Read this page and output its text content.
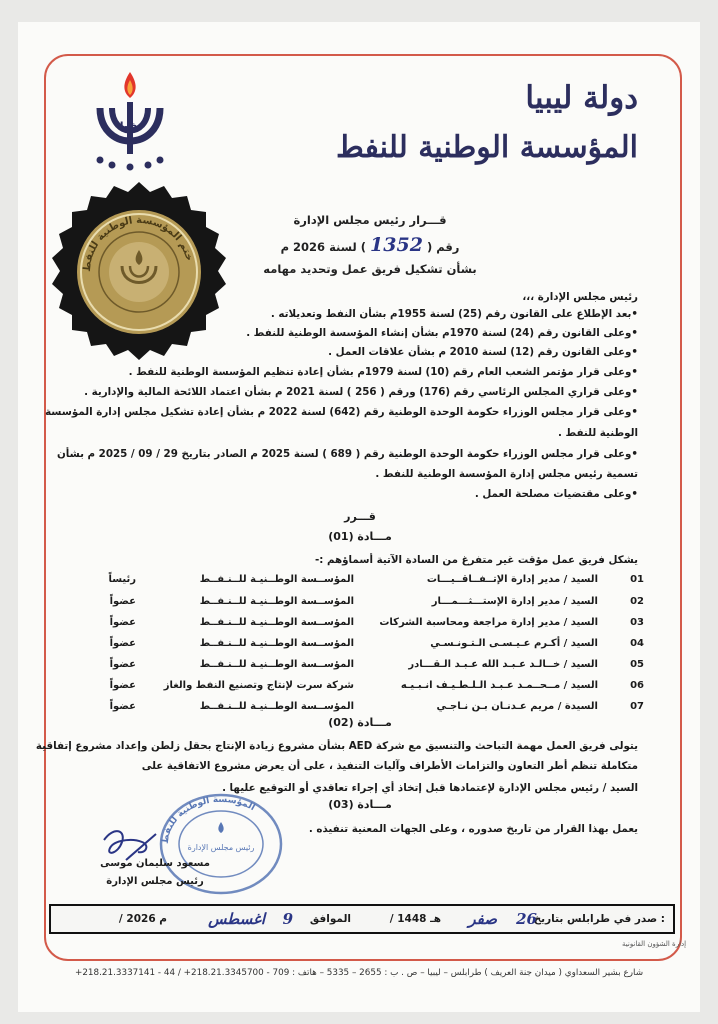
نفط
دولة ليبيا
المؤسسة الوطنية للنفط
ختم المؤسسة الوطنية للنفط
قـــرار رئيس مجلس الإدارة
رقم ( 1352 ) لسنة 2026 م
بشأن تشكيل فريق عمل وتحديد مهامه
رئيس مجلس الإدارة ،،،
•بعد الإطلاع على القانون رقم (25) لسنة 1955م بشأن النفط وتعديلاته .
•وعلى القانون رقم (24) لسنة 1970م بشأن إنشاء المؤسسة الوطنية للنفط .
•وعلى القانون رقم (12) لسنة 2010 م بشأن علاقات العمل .
•وعلى قرار مؤتمر الشعب العام رقم (10) لسنة 1979م بشأن إعادة تنظيم المؤسسة الوطنية للنفط .
•وعلى قراري المجلس الرئاسي رقم (176) ورقم ( 256 ) لسنة 2021 م بشأن اعتماد اللائحة المالية والإدارية .
•وعلى قرار مجلس الوزراء حكومة الوحدة الوطنية رقم (642) لسنة 2022 م بشأن إعادة تشكيل مجلس إدارة المؤسسة
الوطنية للنفط .
•وعلى قرار مجلس الوزراء حكومة الوحدة الوطنية رقم ( 689 ) لسنة 2025 م الصادر بتاريخ 29 / 09 / 2025 م بشأن
تسمية رئيس مجلس إدارة المؤسسة الوطنية للنفط .
•وعلى مقتضيات مصلحة العمل .
قـــرر
مـــادة (01)
يشكل فريق عمل مؤقت غير متفرغ من السادة الآتية أسماؤهم :-
01
السيد / مدير إدارة الإتــفــاقــيـــات
المؤســسة الوطــنيـة للــنـفــط
رئيساً
02
السيد / مدير إدارة الإستـــثـــمـــار
المؤســسة الوطــنيـة للــنـفــط
عضواً
03
السيد / مدير إدارة مراجعة ومحاسبة الشركات
المؤســسة الوطــنيـة للــنـفــط
عضواً
04
السيد / أكـرم عـيـسـى الـتـونـسـي
المؤســسة الوطــنيـة للــنـفــط
عضواً
05
السيد / خــالـد عـبـد الله عـبـد الـقـــادر
المؤســسة الوطــنيـة للــنـفــط
عضواً
06
السيد / مــحــمـد عـبـد الـلـطـيـف انـبـيـه
شركة سرت لإنتاج وتصنيع النفط والغاز
عضواً
07
السيدة / مريم عـدنـان بـن نـاجـي
المؤســسة الوطــنيـة للــنـفــط
عضواً
مـــادة (02)
يتولى فريق العمل مهمة التباحث والتنسيق مع شركة AED بشأن مشروع زيادة الإنتاج بحقل زلطن وإعداد مشروع إتفاقية
متكاملة تنظم أطر التعاون والتزامات الأطراف وآليات التنفيذ ، على أن يعرض مشروع الاتفاقية على
السيد / رئيس مجلس الإدارة لإعتمادها قبل إتخاذ أي إجراء تعاقدي أو التوقيع عليها .
مـــادة (03)
يعمل بهذا القرار من تاريخ صدوره ، وعلى الجهات المعنية تنفيذه .
المؤسسة الوطنية للنفط
رئيس مجلس الإدارة
مسعود سليمان موسى
رئيس مجلس الإدارة
صدر في طرابلس بتاريخ :
26
صفر
/ 1448 هـ
الموافق
9
اغسطس
/ 2026 م
إدارة الشؤون القانونية
شارع بشير السعداوي ( ميدان جنة العريف ) طرابلس – ليبيا – ص . ب : 2655 – 5335 – هاتف : 709 - 218.21.3345700+ / 44 - 218.21.3337141+
